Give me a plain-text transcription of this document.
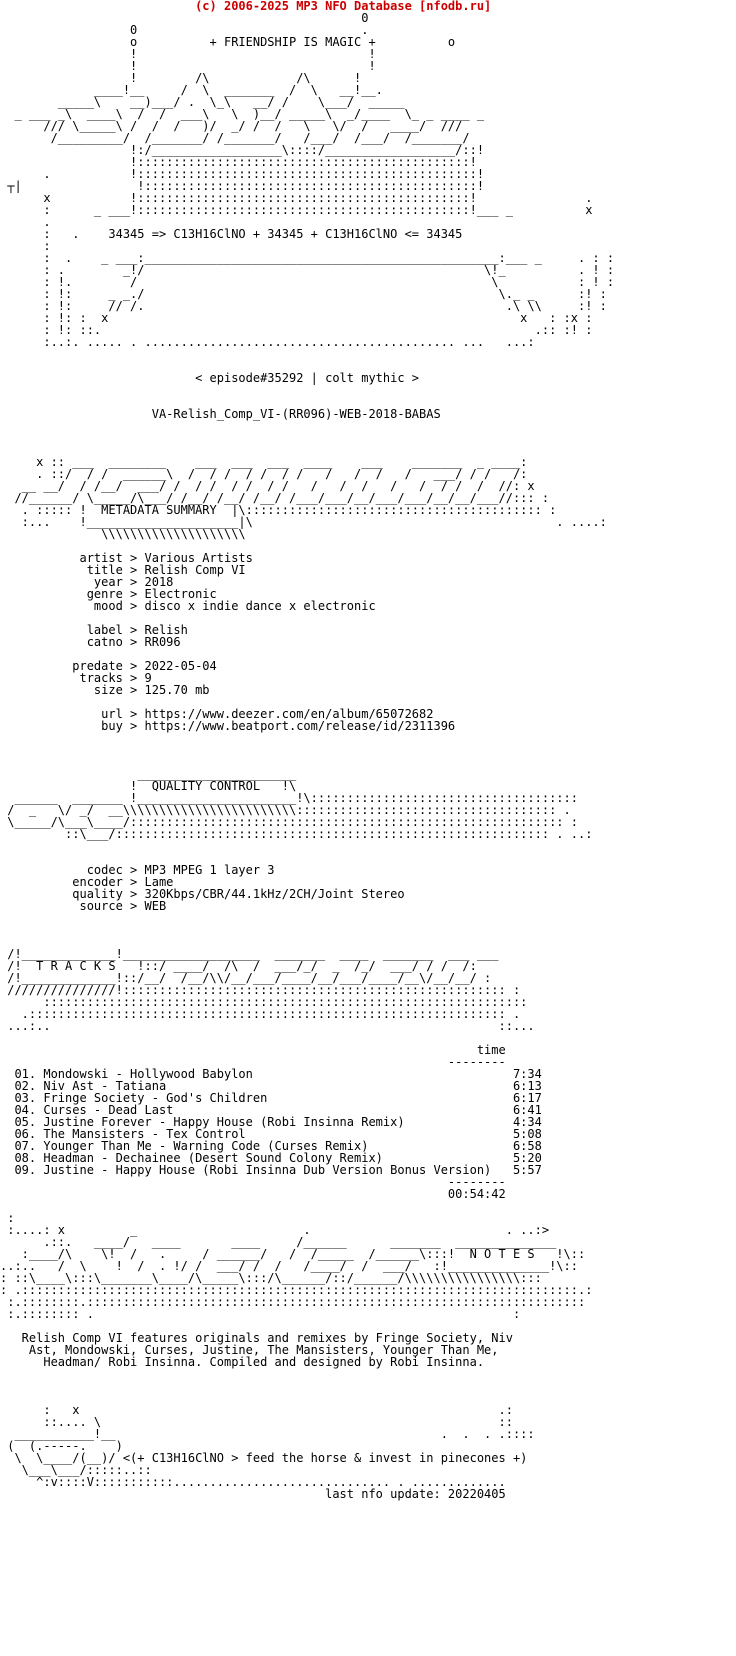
(c) 2006-2025 MP3 NFO Database [nfodb.ru]
0
0                               .
o          + FRIENDSHIP IS MAGIC +          o
!                                !
!                                !
!        /\            /\      !
____!__     /  \  _______  /  \   __!__.
_____\    __)___/ .  \_\   __/ /    \___/  _____
_ ___ _\  ____\  /  /  ___\   \  )__/ _____\  _/____  \_ _ ____ _
/// \_____\ /  /  /   )/  _/ /  /   \   \/  /   ____/  ///
/_________/  /_______/ /_______/   /___/  /___/  /_______/
!:/__________________\::::/__________________/::!
!::::::::::::::::::::::::::::::::::::::::::::::!
.           !:::::::::::::::::::::::::::::::::::::::::::::::!
┬|                !::::::::::::::::::::::::::::::::::::::::::::::!
x           !::::::::::::::::::::::::::::::::::::::::::::::!               .
:      _ ___!::::::::::::::::::::::::::::::::::::::::::::::!___ _          x
.
:   .    34345 => C13H16ClNO + 34345 + C13H16ClNO <= 34345
:
:  .    _ ___:_________________________________________________:___ _     . : :
: .        _!/                                               \!_          . ! :
: !.        /                                                 \           : ! :
: !:     _ _./                                                 \._ _      :! :
: !:     // /.                                                  .\ \\     :! :
: !: :  x                                                         x   : :x :
: !: ::.                                                            .:: :! :
:..:. ..... . ........................................... ...   ...:
< episode#35292 | colt mythic >
VA-Relish_Comp_VI-(RR096)-WEB-2018-BABAS
x :: ___  ________    ___  ___  ___  ____    ___    _______  _ ____:
. ::/  / /  ______\  /  / /  / /  / /   /   /  /   /   ___/ / /   /:
__ __/  / /__/  ___/ /  / /  / /  / /   /   /  /   /   /  / /  /  //: x
//______/ \_____/\___/ /__/ /__/ /__/ /___/___/__/___/___/__/__/___//::: :
. ::::: !  METADATA SUMMARY  |\::::::::::::::::::::::::::::::::::::::::: :
:...    !_____________________|\                                          . ....:
\\\\\\\\\\\\\\\\\\\\
artist > Various Artists
title > Relish Comp VI
year > 2018
genre > Electronic
mood > disco x indie dance x electronic
label > Relish
catno > RR096
predate > 2022-05-04
tracks > 9
size > 125.70 mb
url > https://www.deezer.com/en/album/65072682
buy > https://www.beatport.com/release/id/2311396
______________________
!  QUALITY CONTROL   !\
______  _______ !______________________!\:::::::::::::::::::::::::::::::::::::
/  _   \/ _/  __\\\\\\\\\\\\\\\\\\\\\\\\:::::::::::::::::::::::::::::::::::: .
\_____/\___\____/:::::::::::::::::::::::::::::::::::::::::::::::::::::::::::: :
::\___/:::::::::::::::::::::::::::::::::::::::::::::::::::::::::::: . ..:
codec > MP3 MPEG 1 layer 3
encoder > Lame
quality > 320Kbps/CBR/44.1kHz/2CH/Joint Stereo
source > WEB
/!_____________!___________________  _______  ____  _______  ___ ___
/!  T R A C K S   !::/ ____/  /\  /  ___/_/  _  /_/  ___/ / /  /:
/!_____________!::/__/  /__/\\/__/___/____/__/___/____/__\/__/__/ :
///////////////!::::::::::::::::::::::::::::::::::::::::::::::::::::: :
:::::::::::::::::::::::::::::::::::::::::::::::::::::::::::::::::::
.:::::::::::::::::::::::::::::::::::::::::::::::::::::::::::::::::: .
...:..                                                              ::...
time
--------
01. Mondowski - Hollywood Babylon                                    7:34
02. Niv Ast - Tatiana                                                6:13
03. Fringe Society - God's Children                                  6:17
04. Curses - Dead Last                                               6:41
05. Justine Forever - Happy House (Robi Insinna Remix)               4:34
06. The Mansisters - Tex Control                                     5:08
07. Younger Than Me - Warning Code (Curses Remix)                    6:58
08. Headman - Dechainee (Desert Sound Colony Remix)                  5:20
09. Justine - Happy House (Robi Insinna Dub Version Bonus Version)   5:57
--------
00:54:42
:
:....: x         _                       .                           . ..:>
.::.   ____/   ____       ____     /______      _______  ______________
:____/\    \!  /   .     / ______/   /  /_____  /______\:::!  N O T E S   !\::
..:..   /  \    !  /  . !/ /  ___/ /  /   /____/  /  ___/   :!______________!\::
: ::\____\:::\_______\____/\_____\:::/\______/::/______/\\\\\\\\\\\\\\\\:::
: .:::::::::::::::::::::::::::::::::::::::::::::::::::::::::::::::::::::::::::::.:
:.::::::::.:::::::::::::::::::::::::::::::::::::::::::::::::::::::::::::::::::::
:.:::::::: .                                                          :
Relish Comp VI features originals and remixes by Fringe Society, Niv
Ast, Mondowski, Curses, Justine, The Mansisters, Younger Than Me,
Headman/ Robi Insinna. Compiled and designed by Robi Insinna.
:   x                                                          .:
::.... \                                                       ::
___________!__                                             .  .  . .::::
(  (.-----.    )
\  \____/(__)/ <(+ C13H16ClNO > feed the horse & invest in pinecones +)
\___\___/:::::..::
^:v::::V:::::::::::.............................. . .............
last nfo update: 20220405
